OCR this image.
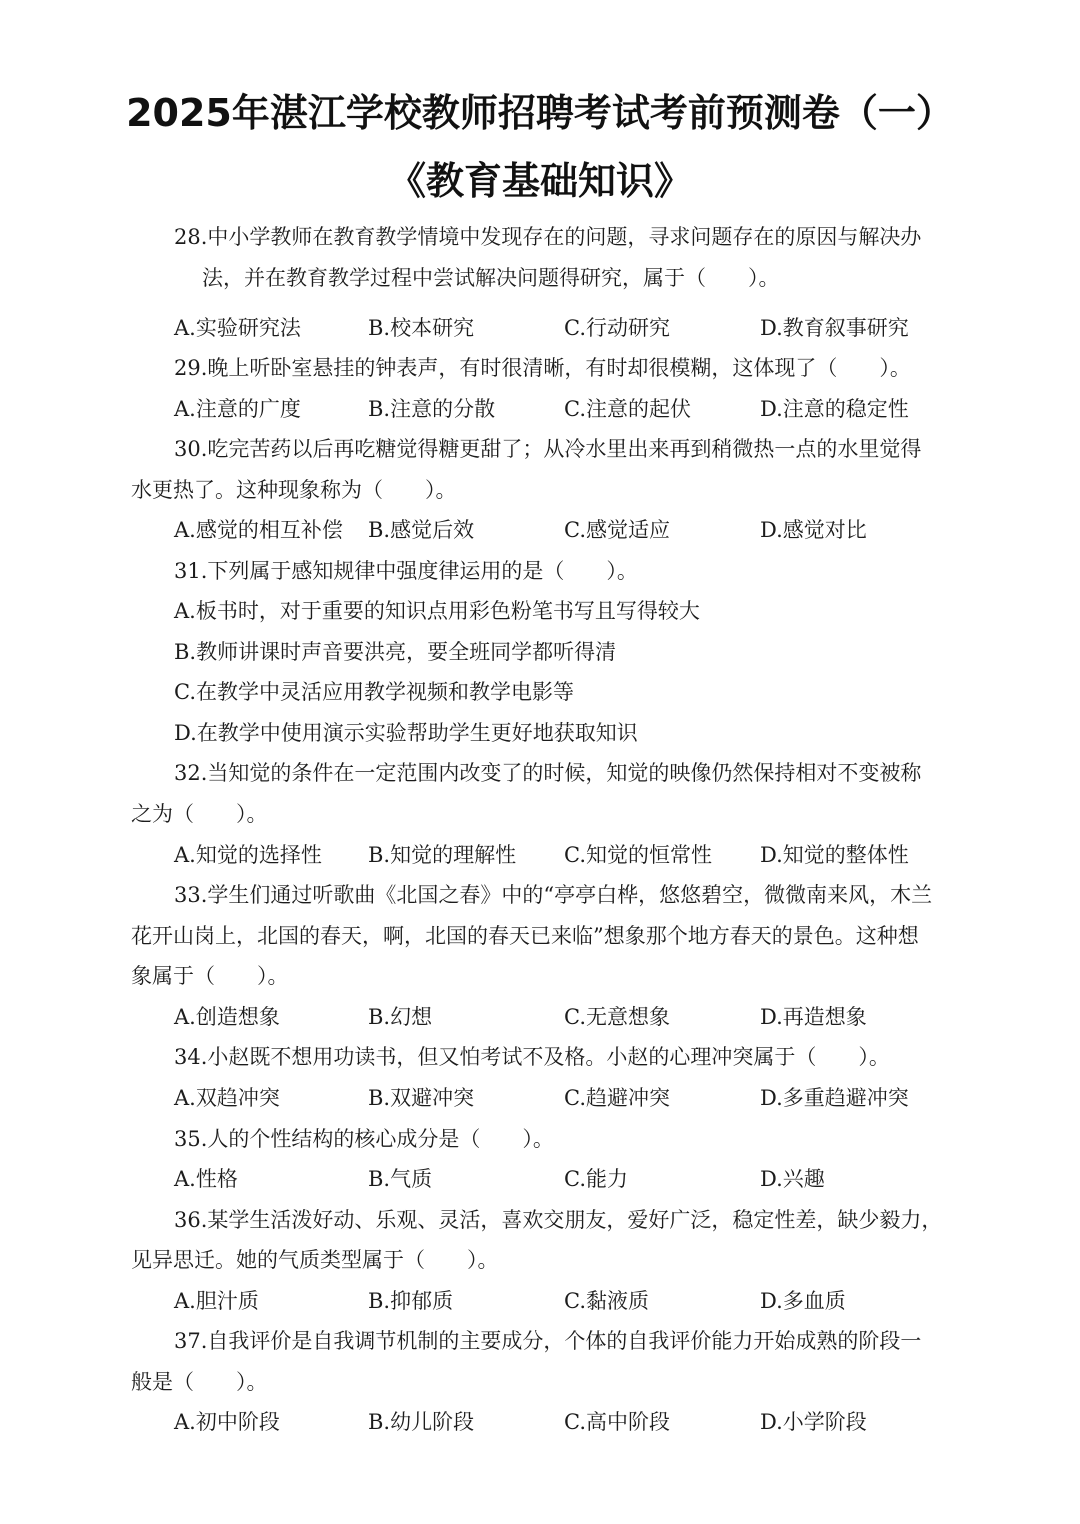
2025年湛江学校教师招聘考试考前预测卷（一）
《教育基础知识》
28.中小学教师在教育教学情境中发现存在的问题，寻求问题存在的原因与解决办
法，并在教育教学过程中尝试解决问题得研究，属于（　　）。
A.实验研究法	B.校本研究	C.行动研究	D.教育叙事研究
29.晚上听卧室悬挂的钟表声，有时很清晰，有时却很模糊，这体现了（　　）。
A.注意的广度	B.注意的分散	C.注意的起伏	D.注意的稳定性
30.吃完苦药以后再吃糖觉得糖更甜了；从冷水里出来再到稍微热一点的水里觉得
水更热了。这种现象称为（　　）。
A.感觉的相互补偿 B.感觉后效	C.感觉适应	D.感觉对比
31.下列属于感知规律中强度律运用的是（　　）。
A.板书时，对于重要的知识点用彩色粉笔书写且写得较大
B.教师讲课时声音要洪亮，要全班同学都听得清
C.在教学中灵活应用教学视频和教学电影等
D.在教学中使用演示实验帮助学生更好地获取知识
32.当知觉的条件在一定范围内改变了的时候，知觉的映像仍然保持相对不变被称
之为（　　）。
A.知觉的选择性 B.知觉的理解性 C.知觉的恒常性 D.知觉的整体性
33.学生们通过听歌曲《北国之春》中的“亭亭白桦，悠悠碧空，微微南来风，木兰
花开山岗上，北国的春天，啊，北国的春天已来临”想象那个地方春天的景色。这种想
象属于（　　）。
A.创造想象	B.幻想	C.无意想象	D.再造想象
34.小赵既不想用功读书，但又怕考试不及格。小赵的心理冲突属于（　　）。
A.双趋冲突	B.双避冲突	C.趋避冲突	D.多重趋避冲突
35.人的个性结构的核心成分是（　　）。
A.性格	B.气质	C.能力	D.兴趣
36.某学生活泼好动、乐观、灵活，喜欢交朋友，爱好广泛，稳定性差，缺少毅力，
见异思迁。她的气质类型属于（　　）。
A.胆汁质	B.抑郁质	C.黏液质	D.多血质
37.自我评价是自我调节机制的主要成分，个体的自我评价能力开始成熟的阶段一
般是（　　）。
A.初中阶段	B.幼儿阶段	C.高中阶段	D.小学阶段
